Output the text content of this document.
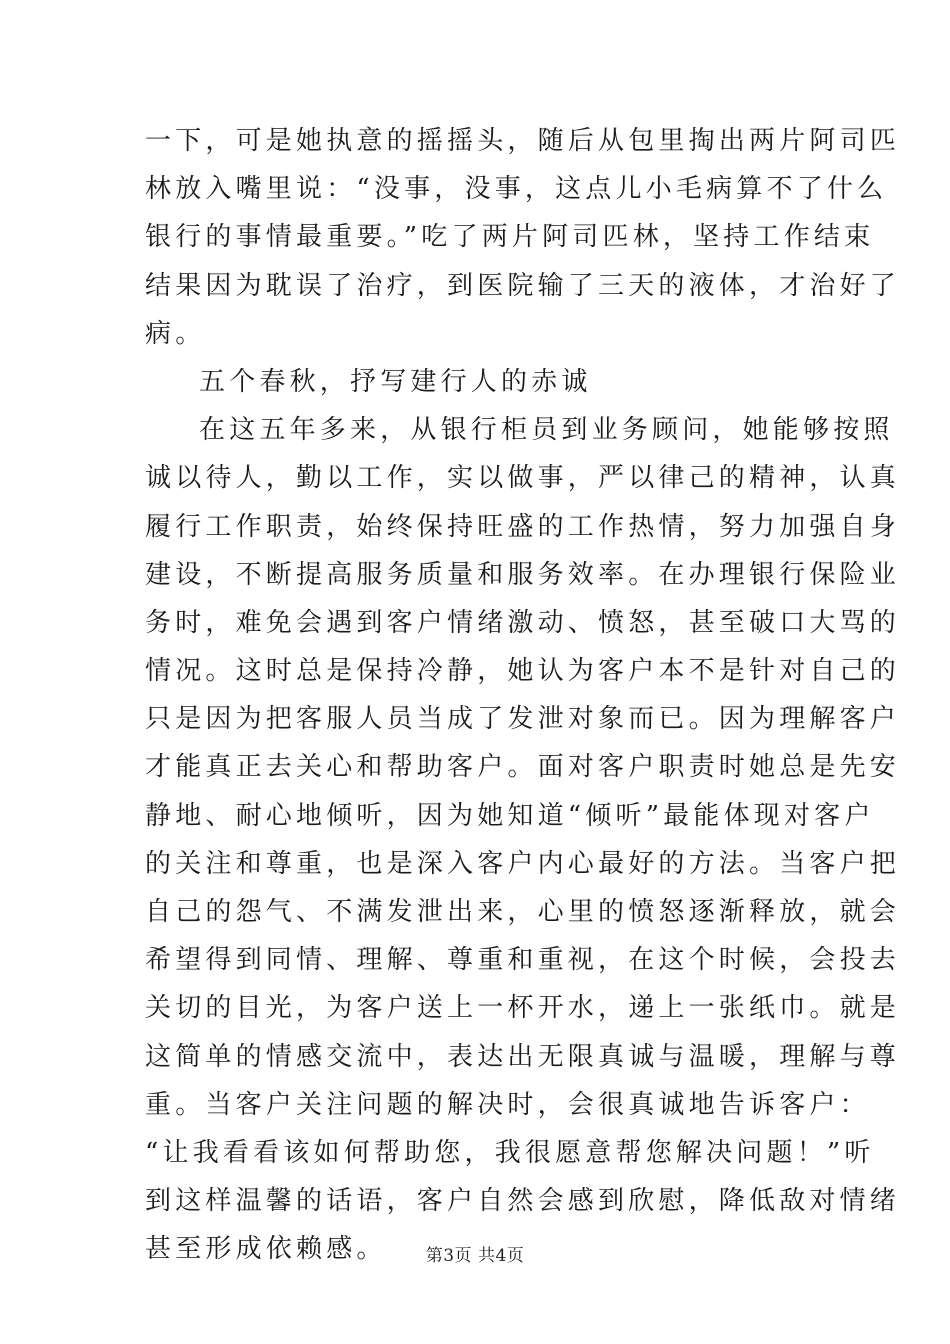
一下，可是她执意的摇摇头，随后从包里掏出两片阿司匹
林放入嘴里说：“没事，没事，这点儿小毛病算不了什么
银行的事情最重要。”吃了两片阿司匹林，坚持工作结束
结果因为耽误了治疗，到医院输了三天的液体，才治好了
病。
五个春秋，抒写建行人的赤诚
在这五年多来，从银行柜员到业务顾问，她能够按照
诚以待人，勤以工作，实以做事，严以律己的精神，认真
履行工作职责，始终保持旺盛的工作热情，努力加强自身
建设，不断提高服务质量和服务效率。在办理银行保险业
务时，难免会遇到客户情绪激动、愤怒，甚至破口大骂的
情况。这时总是保持冷静，她认为客户本不是针对自己的
只是因为把客服人员当成了发泄对象而已。因为理解客户
才能真正去关心和帮助客户。面对客户职责时她总是先安
静地、耐心地倾听，因为她知道“倾听”最能体现对客户
的关注和尊重，也是深入客户内心最好的方法。当客户把
自己的怨气、不满发泄出来，心里的愤怒逐渐释放，就会
希望得到同情、理解、尊重和重视，在这个时候，会投去
关切的目光，为客户送上一杯开水，递上一张纸巾。就是
这简单的情感交流中，表达出无限真诚与温暖，理解与尊
重。当客户关注问题的解决时，会很真诚地告诉客户：
“让我看看该如何帮助您，我很愿意帮您解决问题！”听
到这样温馨的话语，客户自然会感到欣慰，降低敌对情绪
甚至形成依赖感。	第3页 共4页
